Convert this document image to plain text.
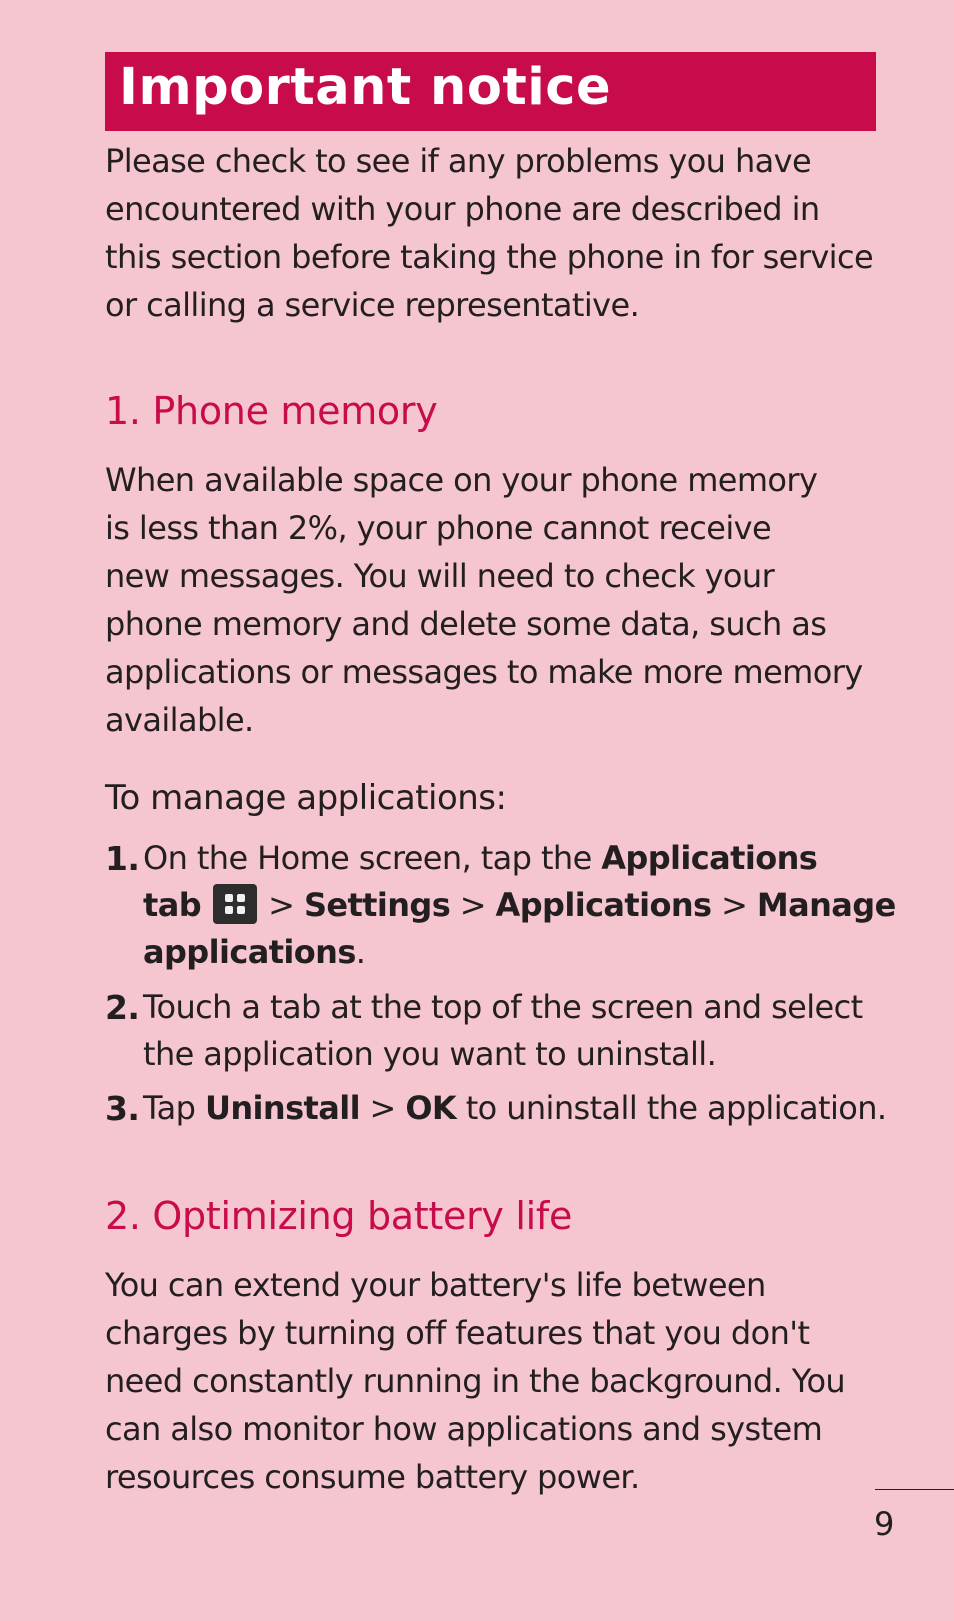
Important notice

Please check to see if any problems you have
encountered with your phone are described in
this section before taking the phone in for service
or calling a service representative.

1. Phone memory

When available space on your phone memory
is less than 2%, your phone cannot receive
new messages. You will need to check your
phone memory and delete some data, such as
applications or messages to make more memory
available.

To manage applications:
1. On the Home screen, tap the Applications
tab
> Settings > Applications > Manage
applications.
2. Touch a tab at the top of the screen and select
the application you want to uninstall.
3. Tap Uninstall > OK to uninstall the application.
2. Optimizing battery life

You can extend your battery's life between
charges by turning off features that you don't
need constantly running in the background. You
can also monitor how applications and system
resources consume battery power.

9
